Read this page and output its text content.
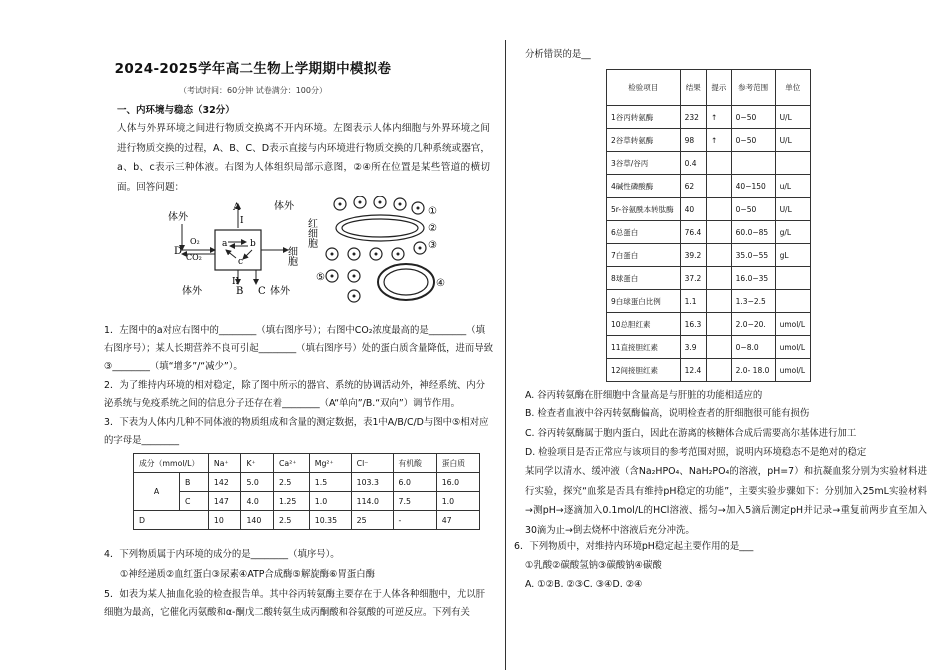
2024-2025学年高二生物上学期期中模拟卷
（考试时间：60分钟 试卷满分：100分）
一、内环境与稳态（32分）
人体与外界环境之间进行物质交换离不开内环境。左图表示人体内细胞与外界环境之间进行物质交换的过程，A、B、C、D表示直接与内环境进行物质交换的几种系统或器官，a、b、c表示三种体液。右图为人体组织局部示意图，②④所在位置是某些管道的横切面。回答问题：
体外
体外
体外	体外
A
B C
D
I
II
O₂
CO₂
a	b
c	细胞
红细胞
①
②
③
④
⑤
1．左图中的a对应右图中的________（填右图序号）；右图中CO₂浓度最高的是________（填右图序号）；某人长期营养不良可引起________（填右图序号）处的蛋白质含量降低，进而导致③________（填“增多”/“减少”）。
2．为了维持内环境的相对稳定，除了图中所示的器官、系统的协调活动外，神经系统、内分泌系统与免疫系统之间的信息分子还存在着________（A“单向”/B.“双向”）调节作用。
3．下表为人体内几种不同体液的物质组成和含量的测定数据，表1中A/B/C/D与图中⑤相对应的字母是________
成分（mmol/L）		Na⁺	K⁺	Ca²⁺	Mg²⁺	Cl⁻	有机酸	蛋白质
A	B	142	5.0	2.5	1.5	103.3	6.0	16.0
	C	147	4.0	1.25	1.0	114.0	7.5	1.0
D		10	140	2.5	10.35	25	-	47
4．下列物质属于内环境的成分的是________（填序号）。
①神经递质②血红蛋白③尿素④ATP合成酶⑤解旋酶⑥胃蛋白酶
5．如表为某人抽血化验的检查报告单。其中谷丙转氨酶主要存在于人体各种细胞中，尤以肝细胞为最高，它催化丙氨酸和α-酮戊二酸转氨生成丙酮酸和谷氨酸的可逆反应。下列有关
分析错误的是__
检验项目	结果	提示	参考范围	单位
1谷丙转氨酶	232	↑	0−50	U/L
2谷草转氨酶	98	↑	0−50	U/L
3谷草/谷丙	0.4			
4碱性磷酸酶	62		40−150	u/L
5r-谷氨酰本转肽酶	40		0−50	U/L
6总蛋白	76.4		60.0−85	g/L
7白蛋白	39.2		35.0−55	gL
8球蛋白	37.2		16.0−35	
9白球蛋白比例	1.1		1.3−2.5	
10总胆红素	16.3		2.0−20.	umol/L
11直接胆红素	3.9		0−8.0	umol/L
12间接胆红素	12.4		2.0- 18.0	umol/L
A. 谷丙转氨酶在肝细胞中含量高是与肝脏的功能相适应的
B. 检查者血液中谷丙转氨酶偏高，说明检查者的肝细胞很可能有损伤
C. 谷丙转氨酶属于胞内蛋白，因此在游离的核糖体合成后需要高尔基体进行加工
D. 检验项目是否正常应与该项目的参考范围对照，说明内环境稳态不是绝对的稳定
某同学以清水、缓冲液（含Na₂HPO₄、NaH₂PO₄的溶液，pH=7）和抗凝血浆分别为实验材料进行实验，探究“血浆是否具有维持pH稳定的功能”，主要实验步骤如下：分别加入25mL实验材料→测pH→逐滴加入0.1mol/L的HCl溶液、摇匀→加入5滴后测定pH并记录→重复前两步直至加入30滴为止→倒去烧杯中溶液后充分冲洗。
6．下列物质中，对维持内环境pH稳定起主要作用的是___
①乳酸②碳酸氢钠③碳酸钠④碳酸
A. ①②B. ②③C. ③④D. ②④
